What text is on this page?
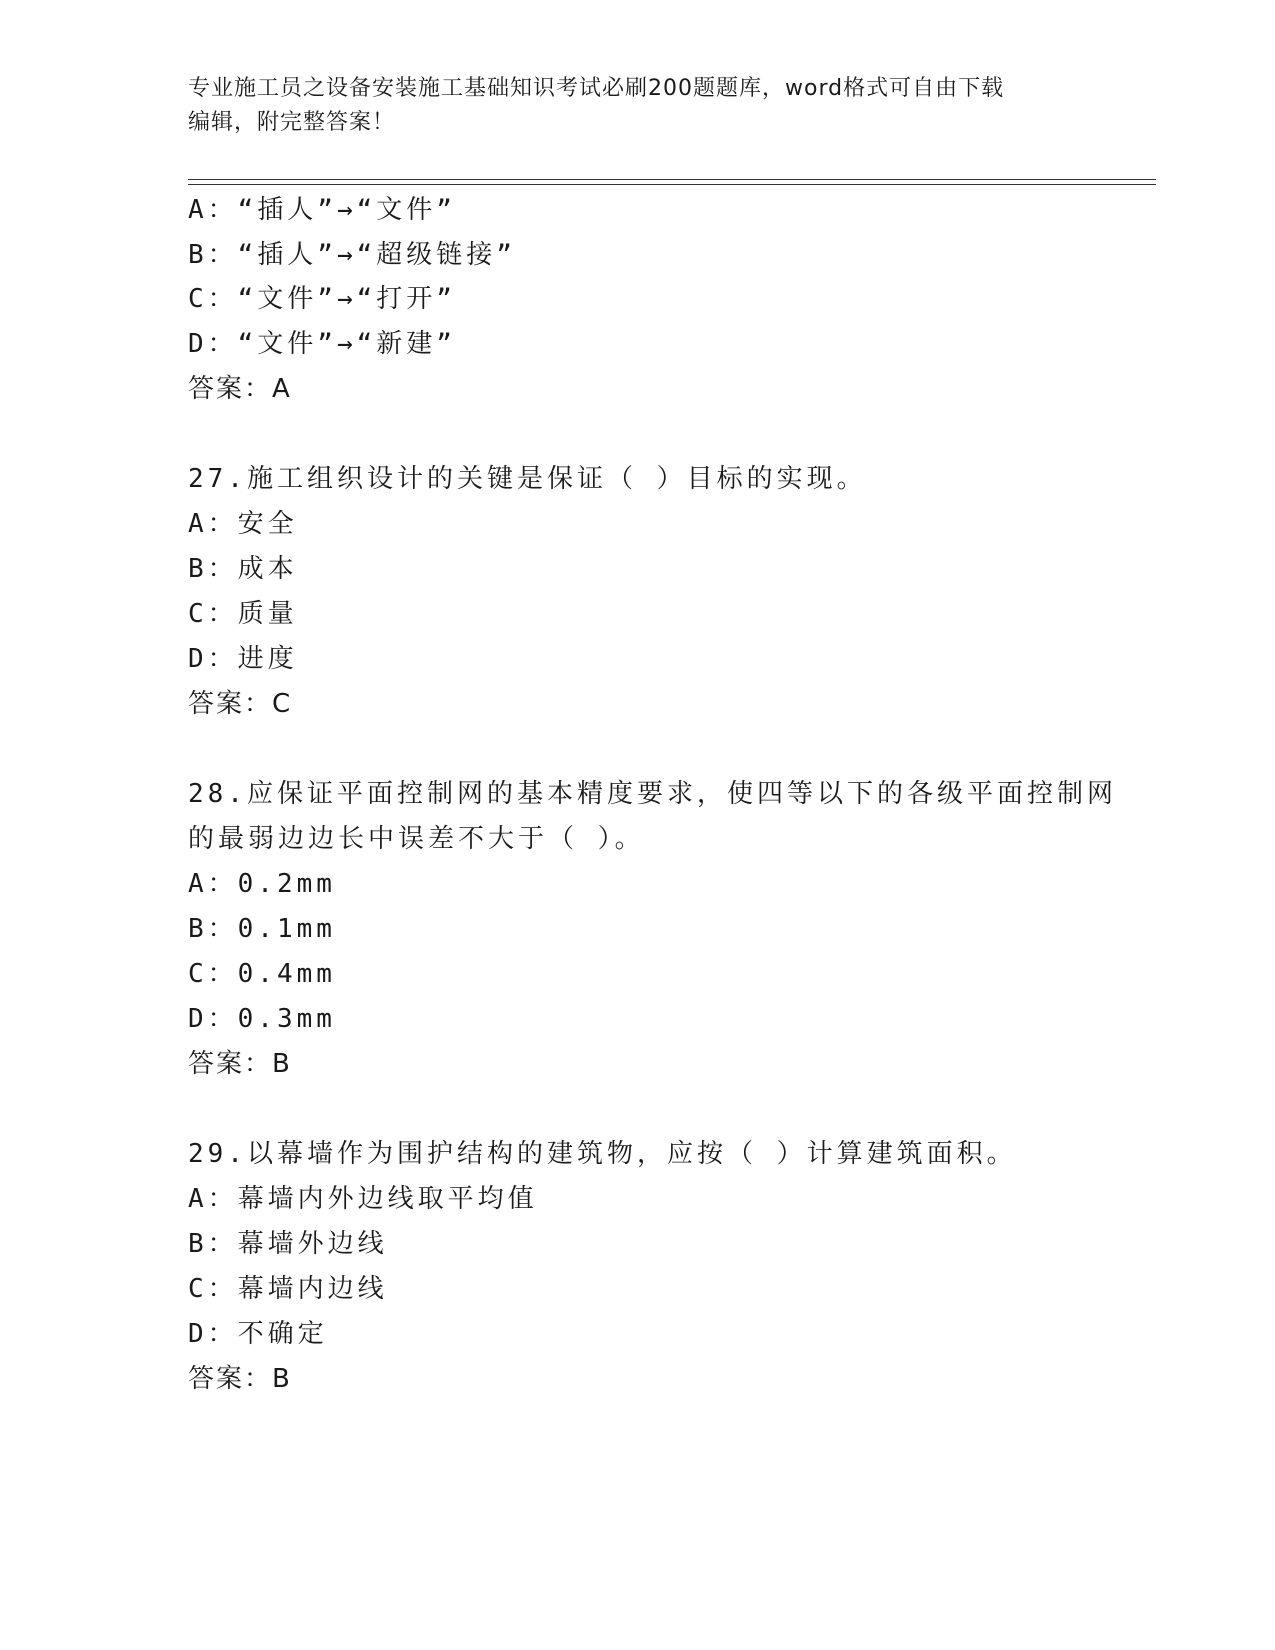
专业施工员之设备安装施工基础知识考试必刷200题题库，word格式可自由下载
编辑，附完整答案！
A：“插人”→“文件”
B：“插人”→“超级链接”
C：“文件”→“打开”
D：“文件”→“新建”
答案：A
27.施工组织设计的关键是保证（ ）目标的实现。
A：安全
B：成本
C：质量
D：进度
答案：C
28.应保证平面控制网的基本精度要求，使四等以下的各级平面控制网
的最弱边边长中误差不大于（ ）。
A：0.2mm
B：0.1mm
C：0.4mm
D：0.3mm
答案：B
29.以幕墙作为围护结构的建筑物，应按（ ）计算建筑面积。
A：幕墙内外边线取平均值
B：幕墙外边线
C：幕墙内边线
D：不确定
答案：B
